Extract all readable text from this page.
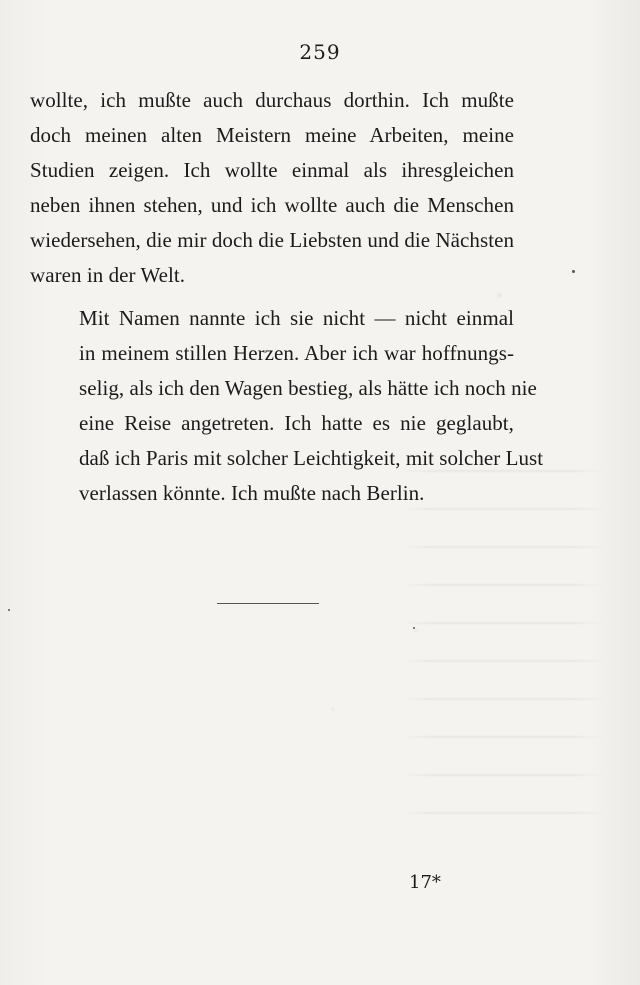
259

wollte, ich mußte auch durchaus dorthin. Ich mußte
doch meinen alten Meistern meine Arbeiten, meine
Studien zeigen. Ich wollte einmal als ihresgleichen
neben ihnen stehen, und ich wollte auch die Menschen
wiedersehen, die mir doch die Liebsten und die Nächsten
waren in der Welt.

Mit Namen nannte ich sie nicht — nicht einmal
in meinem stillen Herzen. Aber ich war hoffnungs-
selig, als ich den Wagen bestieg, als hätte ich noch nie
eine Reise angetreten. Ich hatte es nie geglaubt,
daß ich Paris mit solcher Leichtigkeit, mit solcher Lust
verlassen könnte. Ich mußte nach Berlin.

17*
